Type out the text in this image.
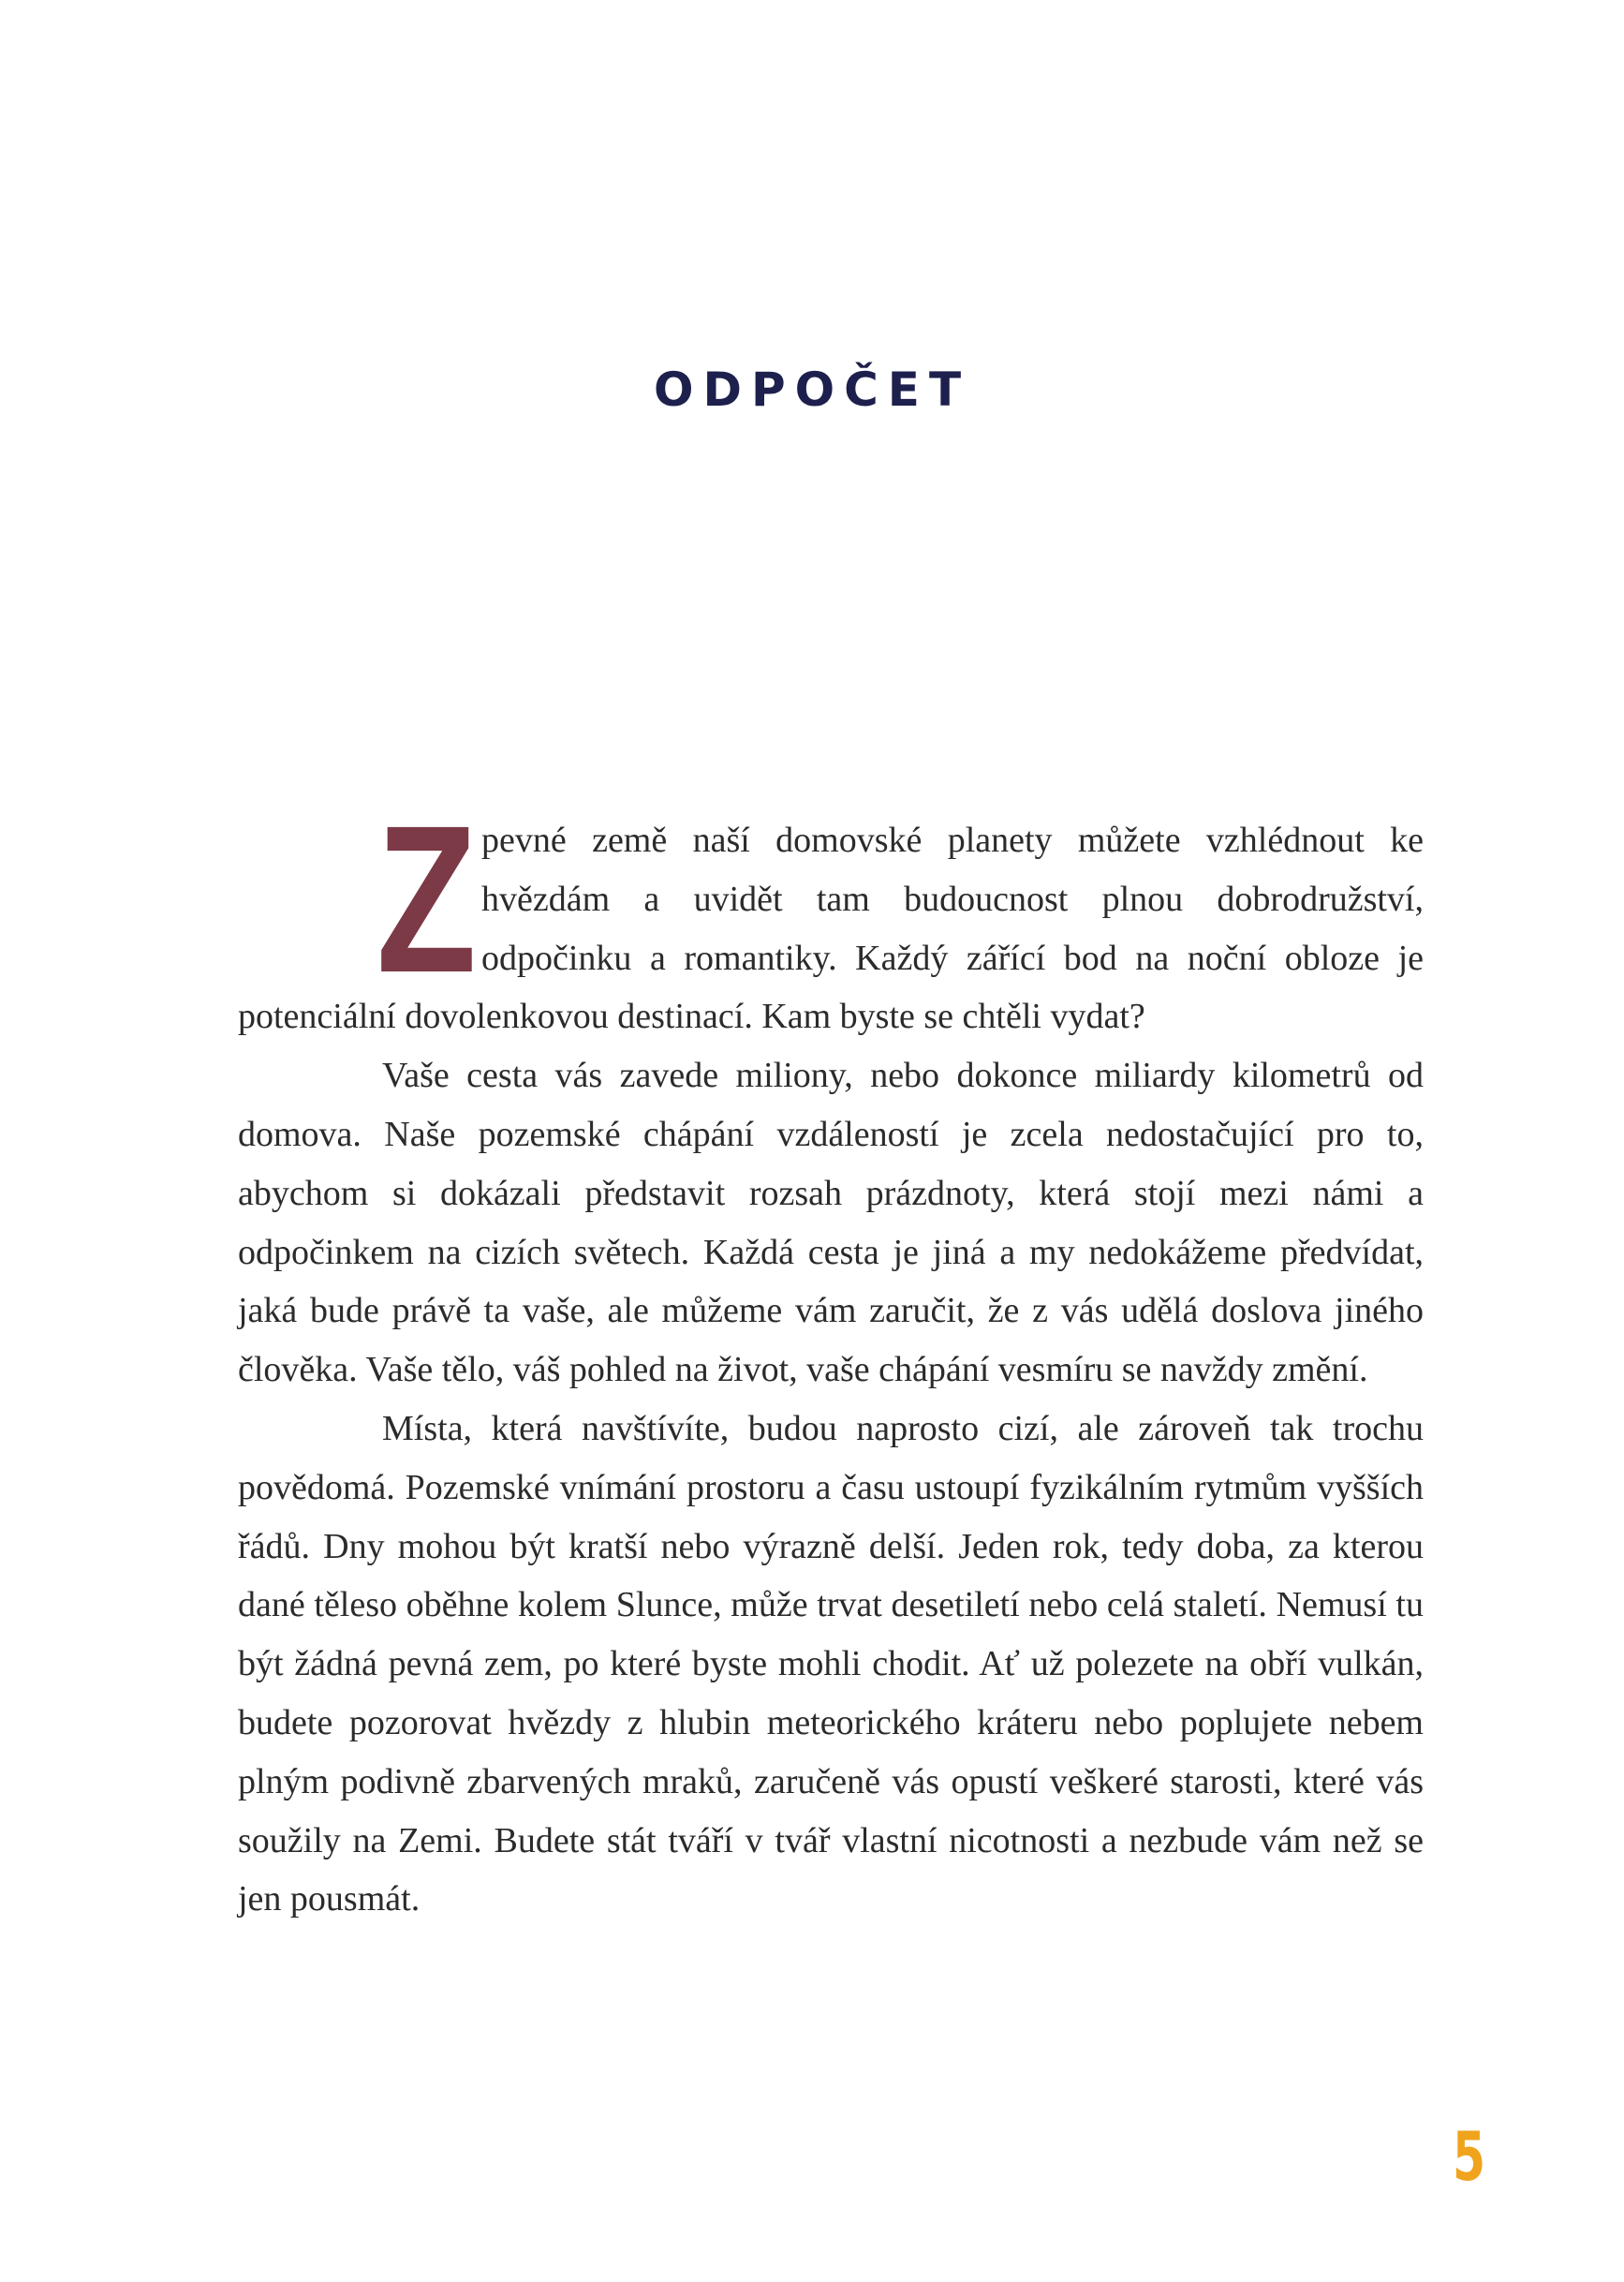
ODPOČET

Z pevné země naší domovské planety můžete vzhlédnout ke hvězdám a uvidět tam budoucnost plnou dobrodružství, odpočinku a romantiky. Každý zářící bod na noční obloze je potenciální dovolenkovou destinací. Kam byste se chtěli vydat?

Vaše cesta vás zavede miliony, nebo dokonce miliardy kilometrů od domova. Naše pozemské chápání vzdáleností je zcela nedostačující pro to, abychom si dokázali představit rozsah prázdnoty, která stojí mezi námi a odpočinkem na cizích světech. Každá cesta je jiná a my nedokážeme předvídat, jaká bude právě ta vaše, ale můžeme vám zaručit, že z vás udělá doslova jiného člověka. Vaše tělo, váš pohled na život, vaše chápání vesmíru se navždy změní.

Místa, která navštívíte, budou naprosto cizí, ale zároveň tak trochu povědomá. Pozemské vnímání prostoru a času ustoupí fyzikálním rytmům vyšších řádů. Dny mohou být kratší nebo výrazně delší. Jeden rok, tedy doba, za kterou dané těleso oběhne kolem Slunce, může trvat desetiletí nebo celá staletí. Nemusí tu být žádná pevná zem, po které byste mohli chodit. Ať už polezete na obří vulkán, budete pozorovat hvězdy z hlubin meteorického kráteru nebo poplujete nebem plným podivně zbarvených mraků, zaručeně vás opustí veškeré starosti, které vás soužily na Zemi. Budete stát tváří v tvář vlastní nicotnosti a nezbude vám než se jen pousmát.

5
